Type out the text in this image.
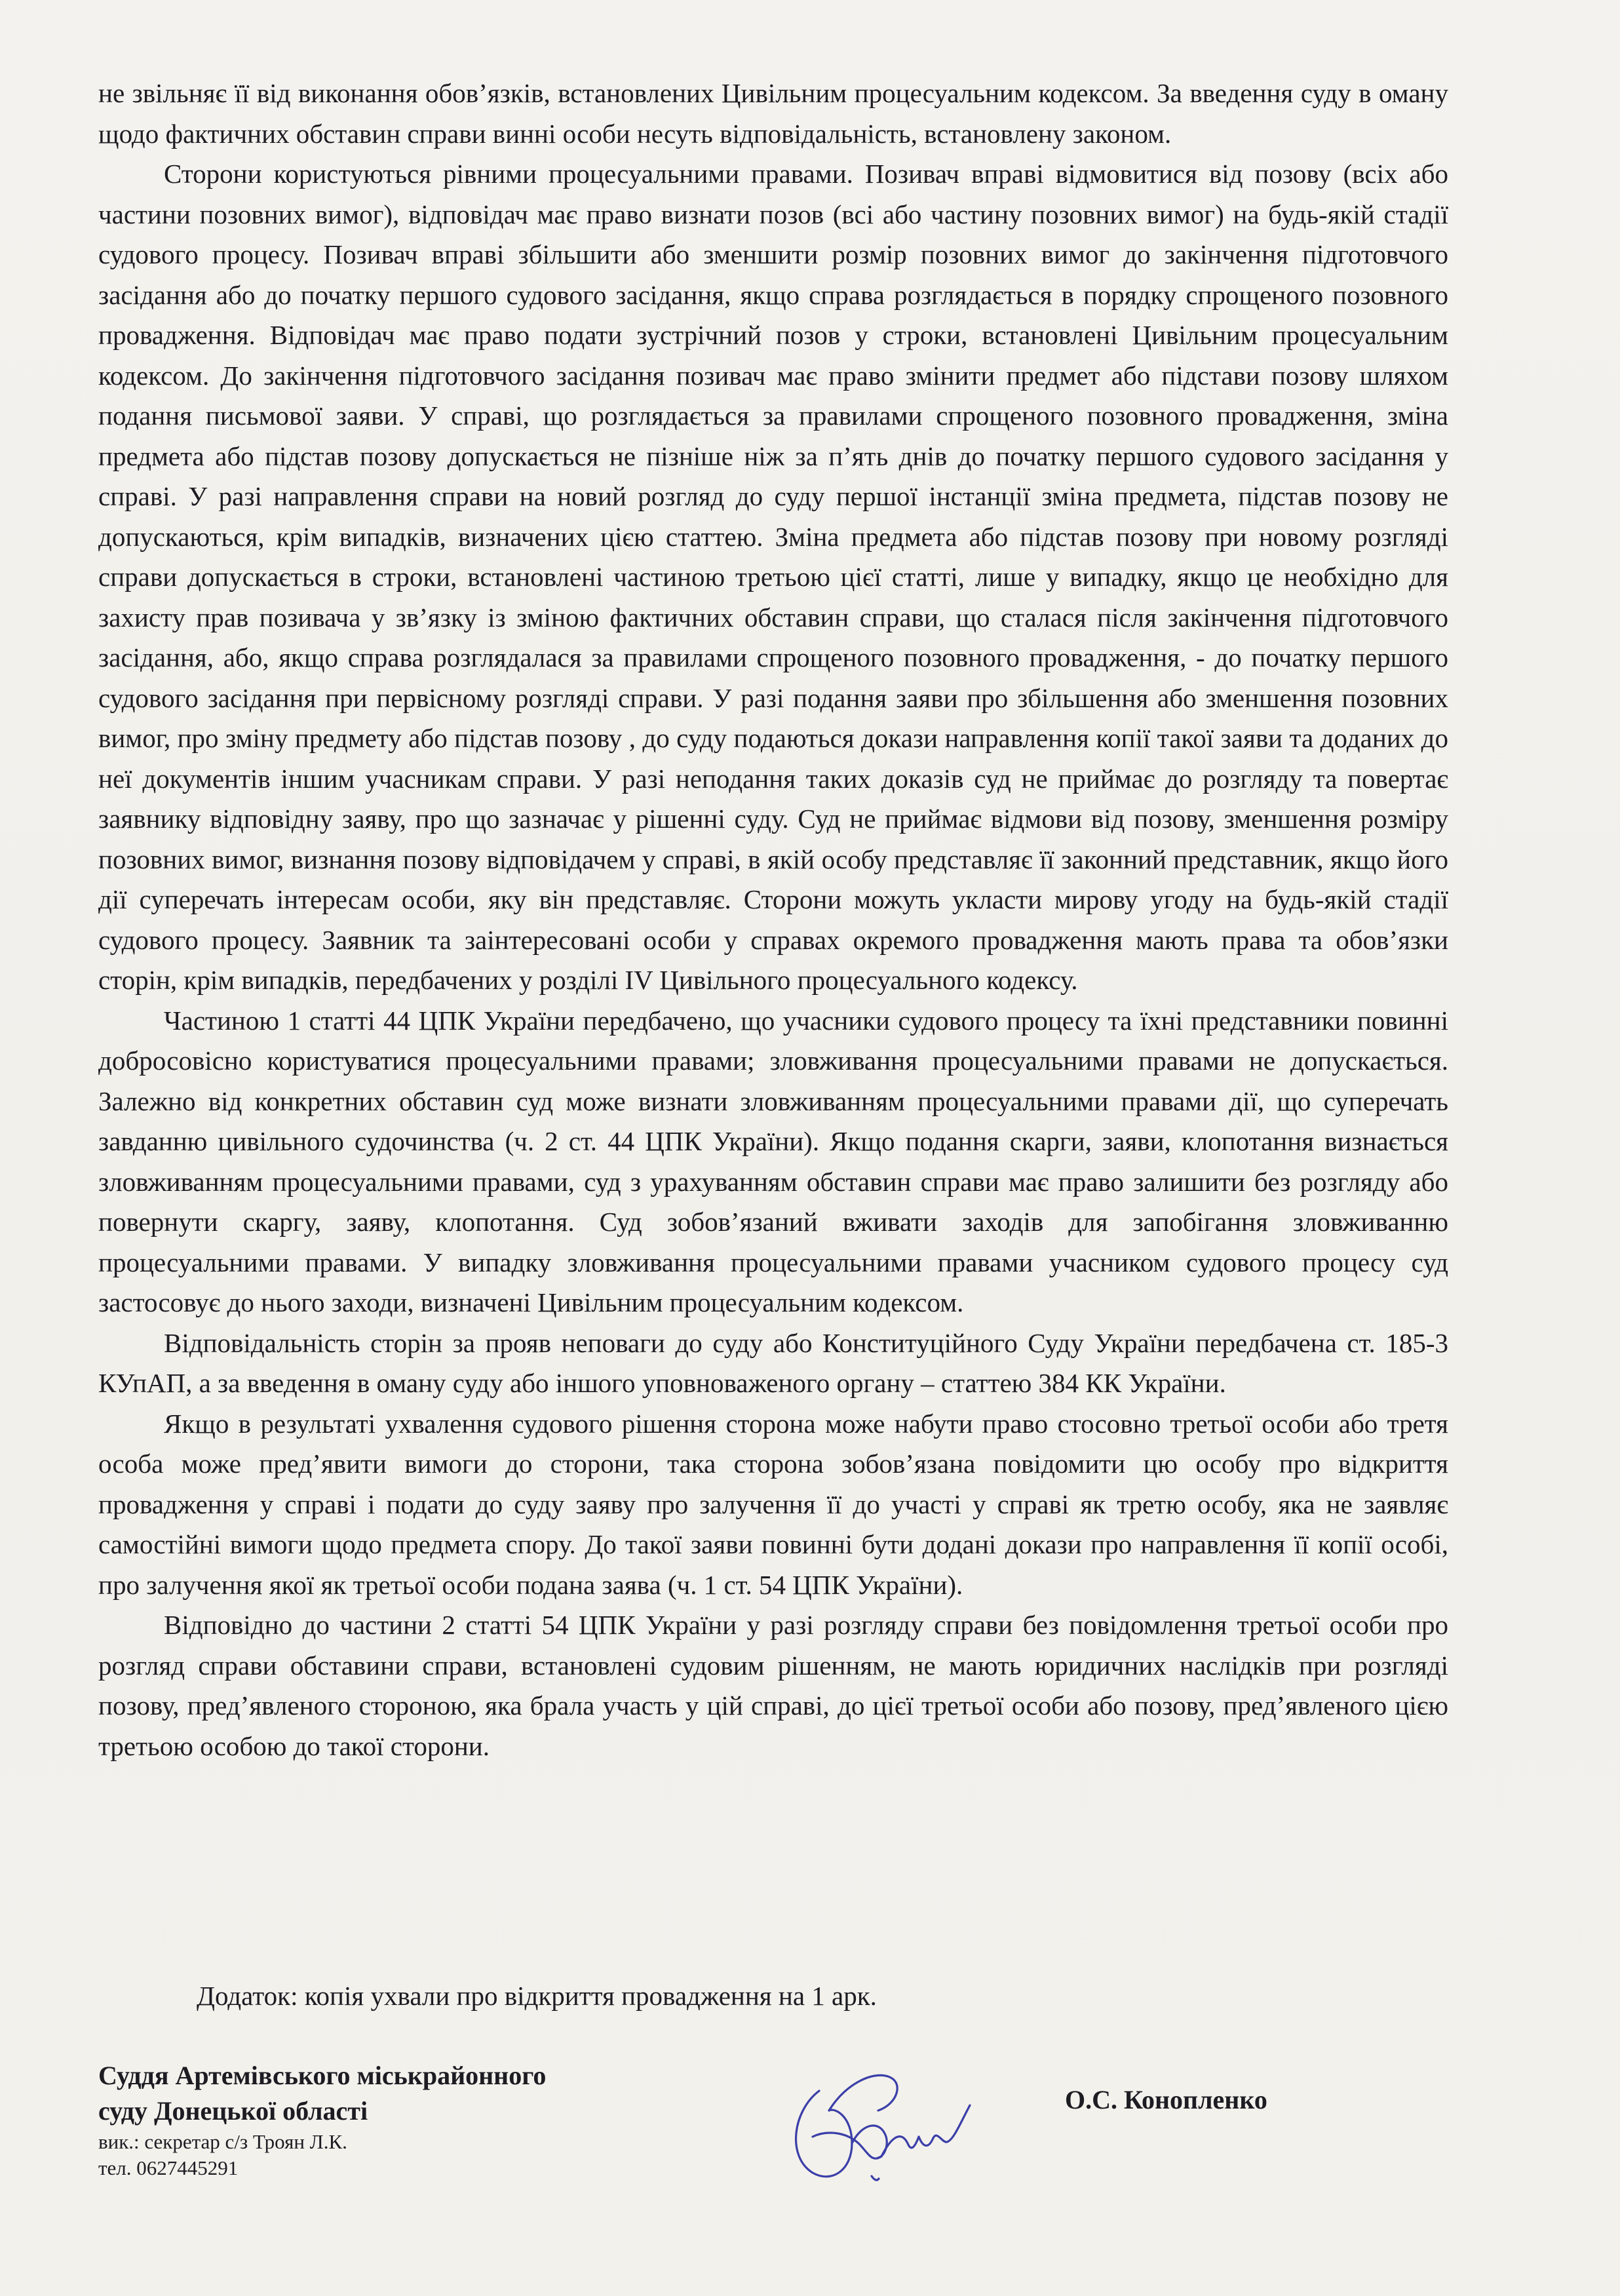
не звільняє її від виконання обов’язків, встановлених Цивільним процесуальним кодексом. За введення суду в оману щодо фактичних обставин справи винні особи несуть відповідальність, встановлену законом.

Сторони користуються рівними процесуальними правами. Позивач вправі відмовитися від позову (всіх або частини позовних вимог), відповідач має право визнати позов (всі або частину позовних вимог) на будь-якій стадії судового процесу. Позивач вправі збільшити або зменшити розмір позовних вимог до закінчення підготовчого засідання або до початку першого судового засідання, якщо справа розглядається в порядку спрощеного позовного провадження. Відповідач має право подати зустрічний позов у строки, встановлені Цивільним процесуальним кодексом. До закінчення підготовчого засідання позивач має право змінити предмет або підстави позову шляхом подання письмової заяви. У справі, що розглядається за правилами спрощеного позовного провадження, зміна предмета або підстав позову допускається не пізніше ніж за п’ять днів до початку першого судового засідання у справі. У разі направлення справи на новий розгляд до суду першої інстанції зміна предмета, підстав позову не допускаються, крім випадків, визначених цією статтею. Зміна предмета або підстав позову при новому розгляді справи допускається в строки, встановлені частиною третьою цієї статті, лише у випадку, якщо це необхідно для захисту прав позивача у зв’язку із зміною фактичних обставин справи, що сталася після закінчення підготовчого засідання, або, якщо справа розглядалася за правилами спрощеного позовного провадження, - до початку першого судового засідання при первісному розгляді справи. У разі подання заяви про збільшення або зменшення позовних вимог, про зміну предмету або підстав позову , до суду подаються докази направлення копії такої заяви та доданих до неї документів іншим учасникам справи. У разі неподання таких доказів суд не приймає до розгляду та повертає заявнику відповідну заяву, про що зазначає у рішенні суду. Суд не приймає відмови від позову, зменшення розміру позовних вимог, визнання позову відповідачем у справі, в якій особу представляє її законний представник, якщо його дії суперечать інтересам особи, яку він представляє. Сторони можуть укласти мирову угоду на будь-якій стадії судового процесу. Заявник та заінтересовані особи у справах окремого провадження мають права та обов’язки сторін, крім випадків, передбачених у розділі IV Цивільного процесуального кодексу.

Частиною 1 статті 44 ЦПК України передбачено, що учасники судового процесу та їхні представники повинні добросовісно користуватися процесуальними правами; зловживання процесуальними правами не допускається. Залежно від конкретних обставин суд може визнати зловживанням процесуальними правами дії, що суперечать завданню цивільного судочинства (ч. 2 ст. 44 ЦПК України). Якщо подання скарги, заяви, клопотання визнається зловживанням процесуальними правами, суд з урахуванням обставин справи має право залишити без розгляду або повернути скаргу, заяву, клопотання. Суд зобов’язаний вживати заходів для запобігання зловживанню процесуальними правами. У випадку зловживання процесуальними правами учасником судового процесу суд застосовує до нього заходи, визначені Цивільним процесуальним кодексом.

Відповідальність сторін за прояв неповаги до суду або Конституційного Суду України передбачена ст. 185-3 КУпАП, а за введення в оману суду або іншого уповноваженого органу – статтею 384 КК України.

Якщо в результаті ухвалення судового рішення сторона може набути право стосовно третьої особи або третя особа може пред’явити вимоги до сторони, така сторона зобов’язана повідомити цю особу про відкриття провадження у справі і подати до суду заяву про залучення її до участі у справі як третю особу, яка не заявляє самостійні вимоги щодо предмета спору. До такої заяви повинні бути додані докази про направлення її копії особі, про залучення якої як третьої особи подана заява (ч. 1 ст. 54 ЦПК України).

Відповідно до частини 2 статті 54 ЦПК України у разі розгляду справи без повідомлення третьої особи про розгляд справи обставини справи, встановлені судовим рішенням, не мають юридичних наслідків при розгляді позову, пред’явленого стороною, яка брала участь у цій справі, до цієї третьої особи або позову, пред’явленого цією третьою особою до такої сторони.

Додаток: копія ухвали про відкриття провадження на 1 арк.
Суддя Артемівського міськрайонного
суду Донецької області
вик.: секретар с/з Троян Л.К.
тел. 0627445291
О.С. Конопленко
